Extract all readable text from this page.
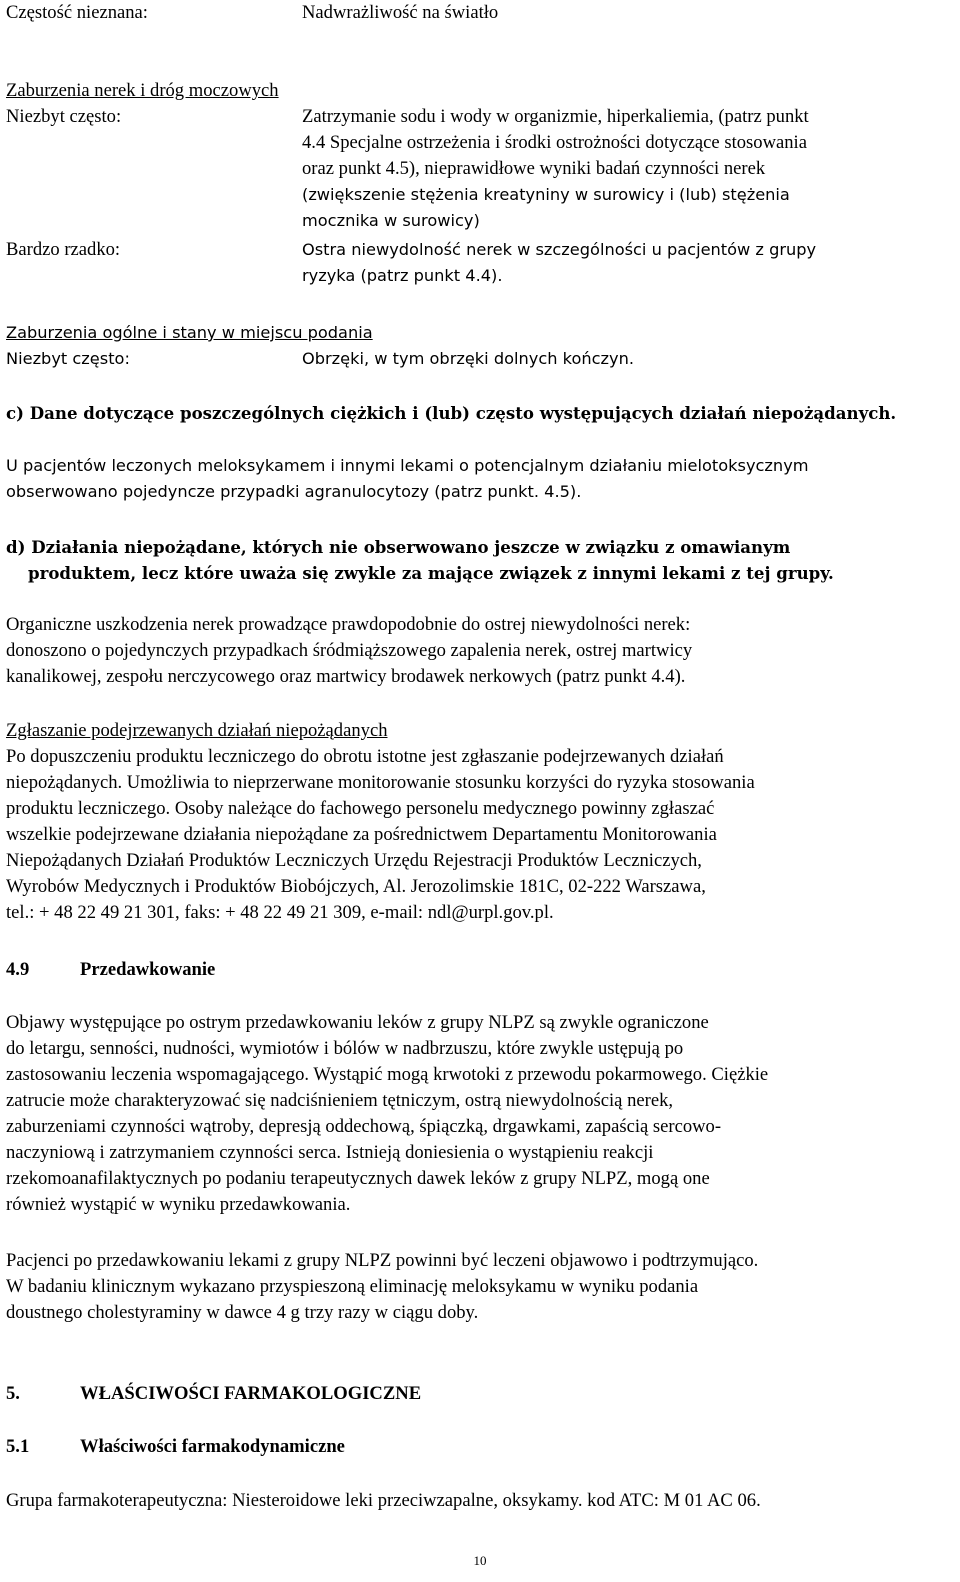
Częstość nieznana:	Nadwrażliwość na światło
Zaburzenia nerek i dróg moczowych
Niezbyt często:	Zatrzymanie sodu i wody w organizmie, hiperkaliemia, (patrz punkt
4.4 Specjalne ostrzeżenia i środki ostrożności dotyczące stosowania
oraz punkt 4.5), nieprawidłowe wyniki badań czynności nerek
(zwiększenie stężenia kreatyniny w surowicy i (lub) stężenia
mocznika w surowicy)
Bardzo rzadko:	Ostra niewydolność nerek w szczególności u pacjentów z grupy
ryzyka (patrz punkt 4.4).
Zaburzenia ogólne i stany w miejscu podania
Niezbyt często:	Obrzęki, w tym obrzęki dolnych kończyn.
c) Dane dotyczące poszczególnych ciężkich i (lub) często występujących działań niepożądanych.
U pacjentów leczonych meloksykamem i innymi lekami o potencjalnym działaniu mielotoksycznym
obserwowano pojedyncze przypadki agranulocytozy (patrz punkt. 4.5).
d) Działania niepożądane, których nie obserwowano jeszcze w związku z omawianym
produktem, lecz które uważa się zwykle za mające związek z innymi lekami z tej grupy.
Organiczne uszkodzenia nerek prowadzące prawdopodobnie do ostrej niewydolności nerek:
donoszono o pojedynczych przypadkach śródmiąższowego zapalenia nerek, ostrej martwicy
kanalikowej, zespołu nerczycowego oraz martwicy brodawek nerkowych (patrz punkt 4.4).
Zgłaszanie podejrzewanych działań niepożądanych
Po dopuszczeniu produktu leczniczego do obrotu istotne jest zgłaszanie podejrzewanych działań
niepożądanych. Umożliwia to nieprzerwane monitorowanie stosunku korzyści do ryzyka stosowania
produktu leczniczego. Osoby należące do fachowego personelu medycznego powinny zgłaszać
wszelkie podejrzewane działania niepożądane za pośrednictwem Departamentu Monitorowania
Niepożądanych Działań Produktów Leczniczych Urzędu Rejestracji Produktów Leczniczych,
Wyrobów Medycznych i Produktów Biobójczych, Al. Jerozolimskie 181C, 02-222 Warszawa,
tel.: + 48 22 49 21 301, faks: + 48 22 49 21 309, e-mail: ndl@urpl.gov.pl.
4.9	Przedawkowanie
Objawy występujące po ostrym przedawkowaniu leków z grupy NLPZ są zwykle ograniczone
do letargu, senności, nudności, wymiotów i bólów w nadbrzuszu, które zwykle ustępują po
zastosowaniu leczenia wspomagającego. Wystąpić mogą krwotoki z przewodu pokarmowego. Ciężkie
zatrucie może charakteryzować się nadciśnieniem tętniczym, ostrą niewydolnością nerek,
zaburzeniami czynności wątroby, depresją oddechową, śpiączką, drgawkami, zapaścią sercowo-
naczyniową i zatrzymaniem czynności serca. Istnieją doniesienia o wystąpieniu reakcji
rzekomoanafilaktycznych po podaniu terapeutycznych dawek leków z grupy NLPZ, mogą one
również wystąpić w wyniku przedawkowania.
Pacjenci po przedawkowaniu lekami z grupy NLPZ powinni być leczeni objawowo i podtrzymująco.
W badaniu klinicznym wykazano przyspieszoną eliminację meloksykamu w wyniku podania
doustnego cholestyraminy w dawce 4 g trzy razy w ciągu doby.
5.	WŁAŚCIWOŚCI FARMAKOLOGICZNE
5.1	Właściwości farmakodynamiczne
Grupa farmakoterapeutyczna: Niesteroidowe leki przeciwzapalne, oksykamy. kod ATC: M 01 AC 06.
10
